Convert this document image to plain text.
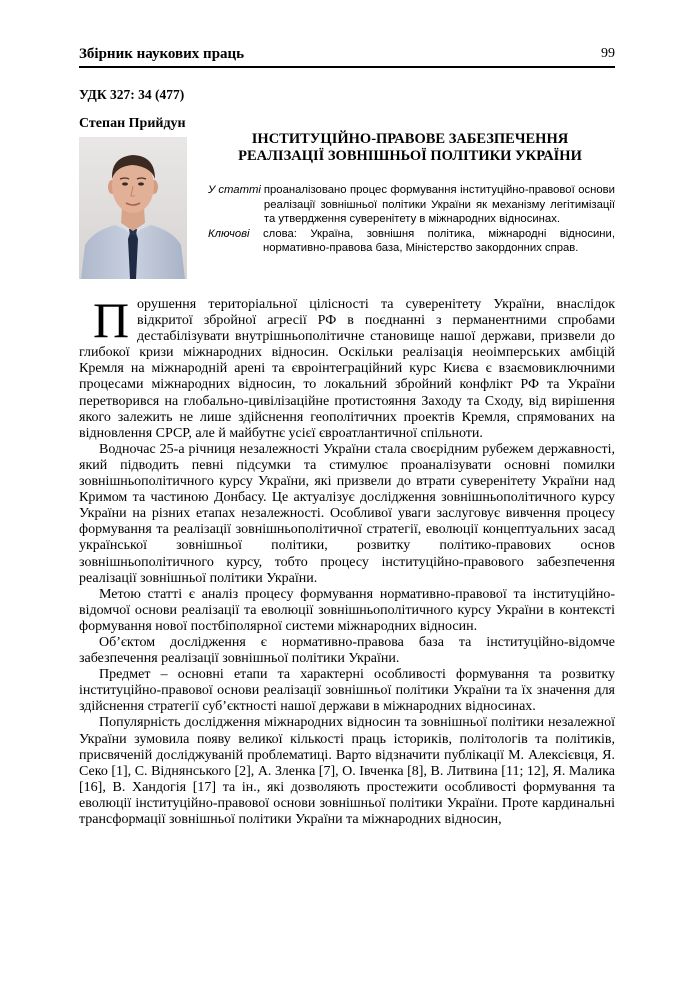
Збірник наукових праць	99
УДК 327: 34 (477)
Степан Прийдун
ІНСТИТУЦІЙНО-ПРАВОВЕ ЗАБЕЗПЕЧЕННЯ
РЕАЛІЗАЦІЇ ЗОВНІШНЬОЇ ПОЛІТИКИ УКРАЇНИ
У статті проаналізовано процес формування інституційно-правової основи реалізації зовнішньої політики України як механізму легітимізації та утвердження суверенітету в міжнародних відносинах.
Ключові	слова: Україна, зовнішня політика, міжнародні відносини, нормативно-правова база, Міністерство закордонних справ.

Порушення територіальної цілісності та суверенітету України, внаслідок відкритої збройної агресії РФ в поєднанні з перманентними спробами дестабілізувати внутрішньополітичне становище нашої держави, призвели до глибокої кризи міжнародних відносин. Оскільки реалізація неоімперських амбіцій Кремля на міжнародній арені та євроінтеграційний курс Києва є взаємовиключними процесами міжнародних відносин, то локальний збройний конфлікт РФ та України перетворився на глобально-цивілізаційне протистояння Заходу та Сходу, від вирішення якого залежить не лише здійснення геополітичних проектів Кремля, спрямованих на відновлення СРСР, але й майбутнє усієї євроатлантичної спільноти.

Водночас 25-а річниця незалежності України стала своєрідним рубежем державності, який підводить певні підсумки та стимулює проаналізувати основні помилки зовнішньополітичного курсу України, які призвели до втрати суверенітету України над Кримом та частиною Донбасу. Це актуалізує дослідження зовнішньополітичного курсу України на різних етапах незалежності. Особливої уваги заслуговує вивчення процесу формування та реалізації зовнішньополітичної стратегії, еволюції концептуальних засад української зовнішньої політики, розвитку політико-правових основ зовнішньополітичного курсу, тобто процесу інституційно-правового забезпечення реалізації зовнішньої політики України.

Метою статті є аналіз процесу формування нормативно-правової та інституційно-відомчої основи реалізації та еволюції зовнішньополітичного курсу України в контексті формування нової постбіполярної системи міжнародних відносин.

Об’єктом дослідження є нормативно-правова база та інституційно-відомче забезпечення реалізації зовнішньої політики України.

Предмет – основні етапи та характерні особливості формування та розвитку інституційно-правової основи реалізації зовнішньої політики України та їх значення для здійснення стратегії суб’єктності нашої держави в міжнародних відносинах.

Популярність дослідження міжнародних відносин та зовнішньої політики незалежної України зумовила появу великої кількості праць істориків, політологів та політиків, присвяченій досліджуваній проблематиці. Варто відзначити публікації М. Алексієвця, Я. Секо [1], С. Віднянського [2], А. Зленка [7], О. Івченка [8], В. Литвина [11; 12], Я. Малика [16], В. Хандогія [17] та ін., які дозволяють простежити особливості формування та еволюції інституційно-правової основи зовнішньої політики України. Проте кардинальні трансформації зовнішньої політики України та міжнародних відносин,
